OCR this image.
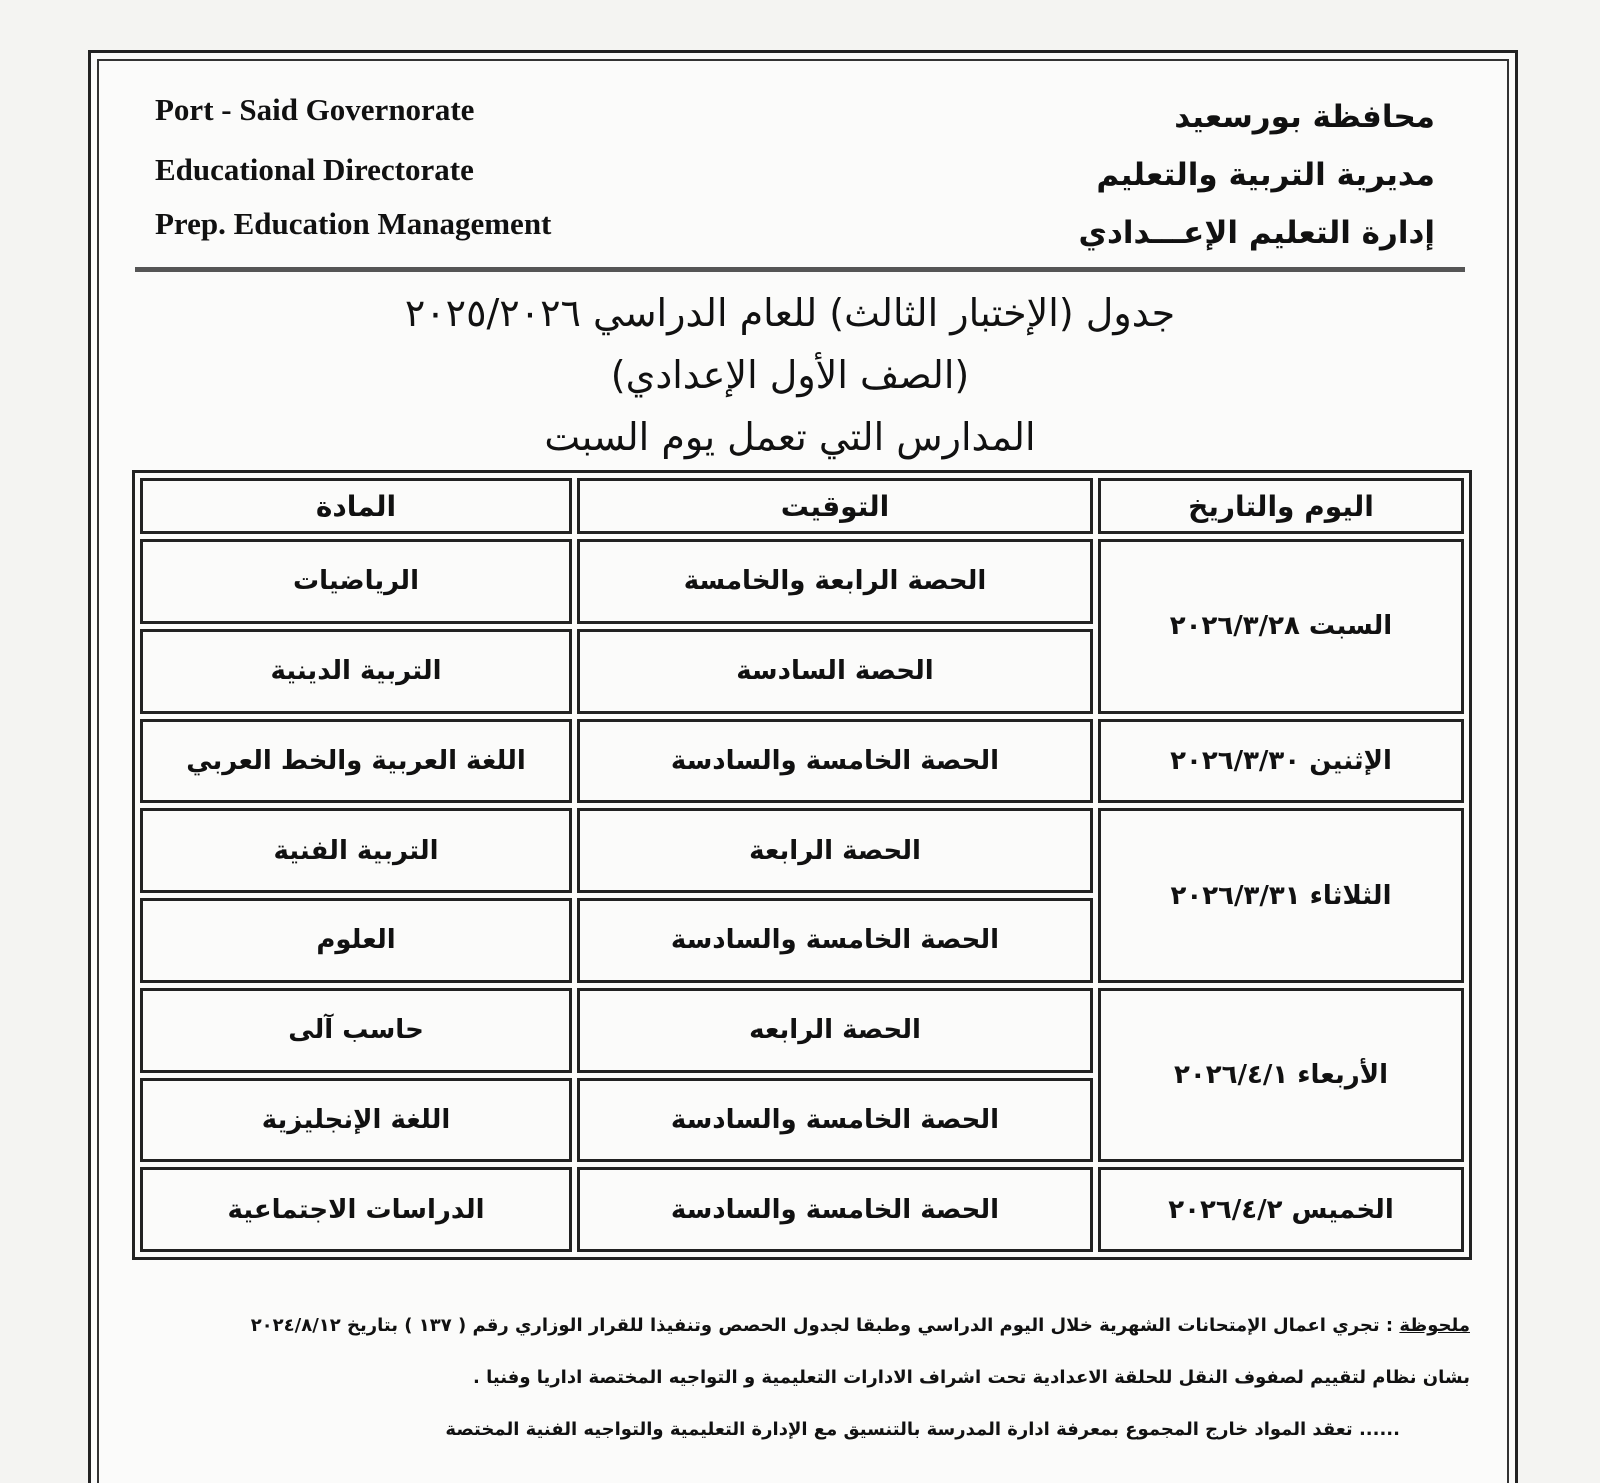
Port - Said Governorate
Educational Directorate
Prep. Education Management
محافظة بورسعيد
مديرية التربية والتعليم
إدارة التعليم الإعـــدادي
جدول (الإختبار الثالث) للعام الدراسي ٢٠٢٥/٢٠٢٦
(الصف الأول الإعدادي)
المدارس التي تعمل يوم السبت
اليوم والتاريخ	التوقيت	المادة
السبت ٢٠٢٦/٣/٢٨	الحصة الرابعة والخامسة	الرياضيات
	الحصة السادسة	التربية الدينية
الإثنين ٢٠٢٦/٣/٣٠	الحصة الخامسة والسادسة	اللغة العربية والخط العربي
الثلاثاء ٢٠٢٦/٣/٣١	الحصة الرابعة	التربية الفنية
	الحصة الخامسة والسادسة	العلوم
الأربعاء ٢٠٢٦/٤/١	الحصة الرابعه	حاسب آلى
	الحصة الخامسة والسادسة	اللغة الإنجليزية
الخميس ٢٠٢٦/٤/٢	الحصة الخامسة والسادسة	الدراسات الاجتماعية
ملحوظة : تجري اعمال الإمتحانات الشهرية خلال اليوم الدراسي وطبقا لجدول الحصص وتنفيذا للقرار الوزاري رقم ( ١٣٧ ) بتاريخ ٢٠٢٤/٨/١٢
بشان نظام لتقييم لصفوف النقل للحلقة الاعدادية تحت اشراف الادارات التعليمية و التواجيه المختصة اداريا وفنيا .
...... تعقد المواد خارج المجموع بمعرفة ادارة المدرسة بالتنسيق مع الإدارة التعليمية والتواجيه الفنية المختصة
